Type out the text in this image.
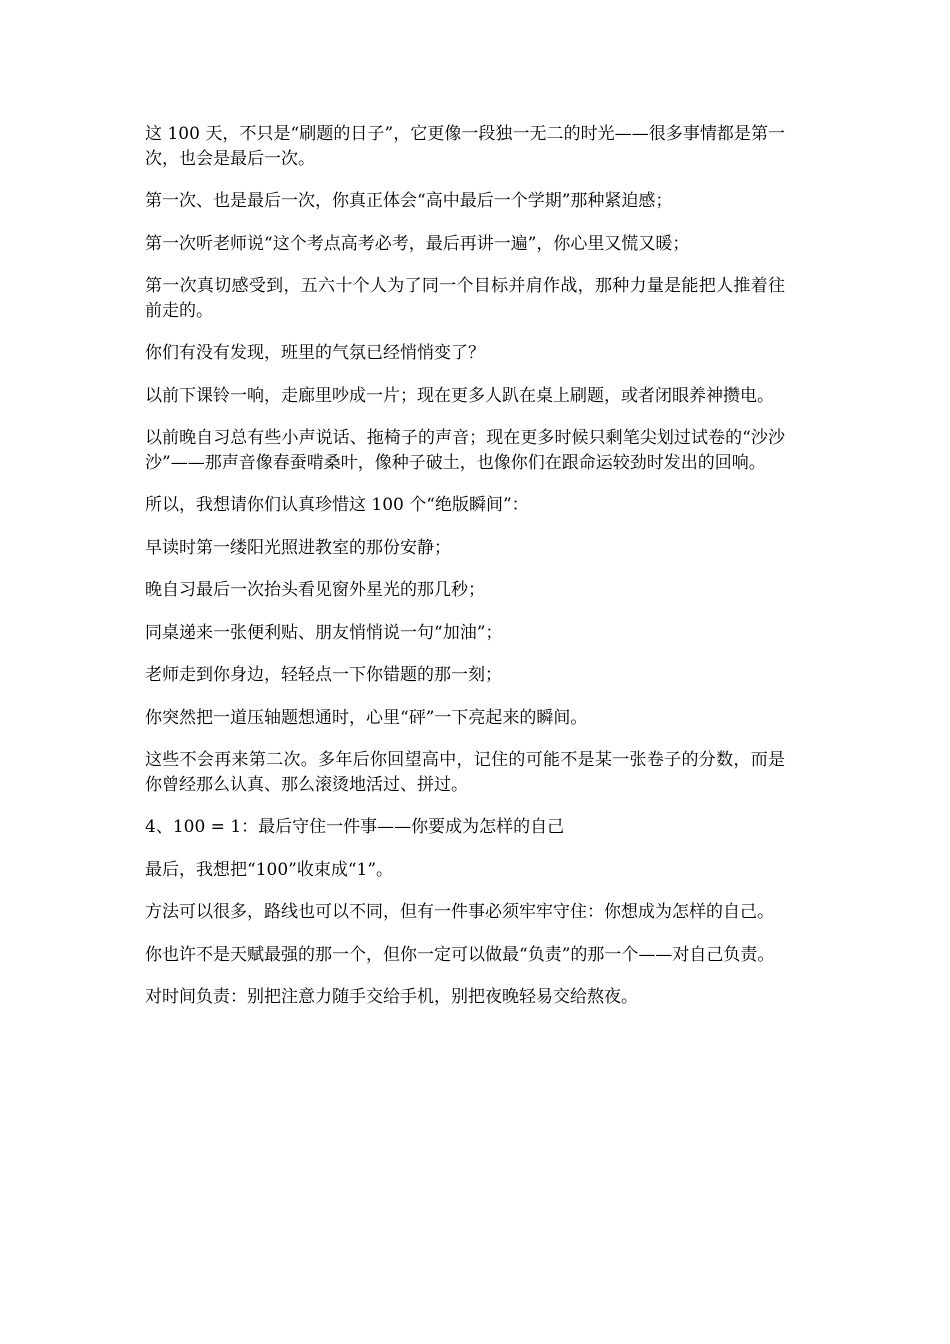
这 100 天，不只是“刷题的日子”，它更像一段独一无二的时光——很多事情都是第一次，也会是最后一次。

第一次、也是最后一次，你真正体会“高中最后一个学期”那种紧迫感；

第一次听老师说“这个考点高考必考，最后再讲一遍”，你心里又慌又暖；

第一次真切感受到，五六十个人为了同一个目标并肩作战，那种力量是能把人推着往前走的。

你们有没有发现，班里的气氛已经悄悄变了？

以前下课铃一响，走廊里吵成一片；现在更多人趴在桌上刷题，或者闭眼养神攒电。

以前晚自习总有些小声说话、拖椅子的声音；现在更多时候只剩笔尖划过试卷的“沙沙沙”——那声音像春蚕啃桑叶，像种子破土，也像你们在跟命运较劲时发出的回响。

所以，我想请你们认真珍惜这 100 个“绝版瞬间”：

早读时第一缕阳光照进教室的那份安静；

晚自习最后一次抬头看见窗外星光的那几秒；

同桌递来一张便利贴、朋友悄悄说一句“加油”；

老师走到你身边，轻轻点一下你错题的那一刻；

你突然把一道压轴题想通时，心里“砰”一下亮起来的瞬间。

这些不会再来第二次。多年后你回望高中，记住的可能不是某一张卷子的分数，而是你曾经那么认真、那么滚烫地活过、拼过。

4、100 = 1：最后守住一件事——你要成为怎样的自己

最后，我想把“100”收束成“1”。

方法可以很多，路线也可以不同，但有一件事必须牢牢守住：你想成为怎样的自己。

你也许不是天赋最强的那一个，但你一定可以做最“负责”的那一个——对自己负责。

对时间负责：别把注意力随手交给手机，别把夜晚轻易交给熬夜。
